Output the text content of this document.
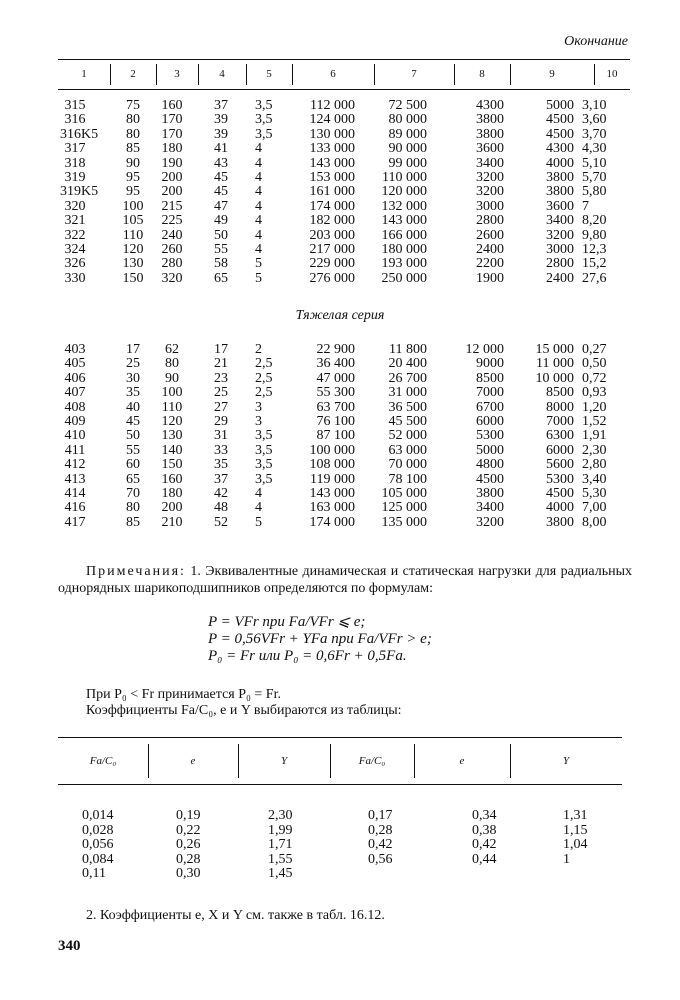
Окончание
1	2	3	4	5	6	7	8	9	10
315	75	160	37	3,5	112 000	72 500	4300	5000 3,10
316	80	170	39	3,5	124 000	80 000	3800	4500 3,60
316K5	80	170	39	3,5	130 000	89 000	3800	4500 3,70
317	85	180	41	4	133 000	90 000	3600	4300 4,30
318	90	190	43	4	143 000	99 000	3400	4000 5,10
319	95	200	45	4	153 000	110 000	3200	3800 5,70
319K5	95	200	45	4	161 000	120 000	3200	3800 5,80
320	100	215	47	4	174 000	132 000	3000	3600 7
321	105	225	49	4	182 000	143 000	2800	3400 8,20
322	110	240	50	4	203 000	166 000	2600	3200 9,80
324	120	260	55	4	217 000	180 000	2400	3000 12,3
326	130	280	58	5	229 000	193 000	2200	2800 15,2
330	150	320	65	5	276 000	250 000	1900	2400 27,6
Тяжелая серия
403	17	62	17	2	22 900	11 800	12 000	15 000 0,27
405	25	80	21	2,5	36 400	20 400	9000	11 000 0,50
406	30	90	23	2,5	47 000	26 700	8500	10 000 0,72
407	35	100	25	2,5	55 300	31 000	7000	8500 0,93
408	40	110	27	3	63 700	36 500	6700	8000 1,20
409	45	120	29	3	76 100	45 500	6000	7000 1,52
410	50	130	31	3,5	87 100	52 000	5300	6300 1,91
411	55	140	33	3,5	100 000	63 000	5000	6000 2,30
412	60	150	35	3,5	108 000	70 000	4800	5600 2,80
413	65	160	37	3,5	119 000	78 100	4500	5300 3,40
414	70	180	42	4	143 000	105 000	3800	4500 5,30
416	80	200	48	4	163 000	125 000	3400	4000 7,00
417	85	210	52	5	174 000	135 000	3200	3800 8,00
Примечания: 1. Эквивалентные динамическая и статическая нагрузки для радиальных однорядных шарикоподшипников определяются по формулам:
P = VFr при Fa/VFr ⩽ e;
P = 0,56VFr + YFa при Fa/VFr > e;
P₀ = Fr или P₀ = 0,6Fr + 0,5Fa.
При P₀ < Fr принимается P₀ = Fr.
Коэффициенты Fa/C₀, e и Y выбираются из таблицы:
Fa/C₀	e	Y	Fa/C₀	e	Y
0,014	0,19	2,30	0,17	0,34	1,31
0,028	0,22	1,99	0,28	0,38	1,15
0,056	0,26	1,71	0,42	0,42	1,04
0,084	0,28	1,55	0,56	0,44	1
0,11	0,30	1,45
2. Коэффициенты e, X и Y см. также в табл. 16.12.
340
